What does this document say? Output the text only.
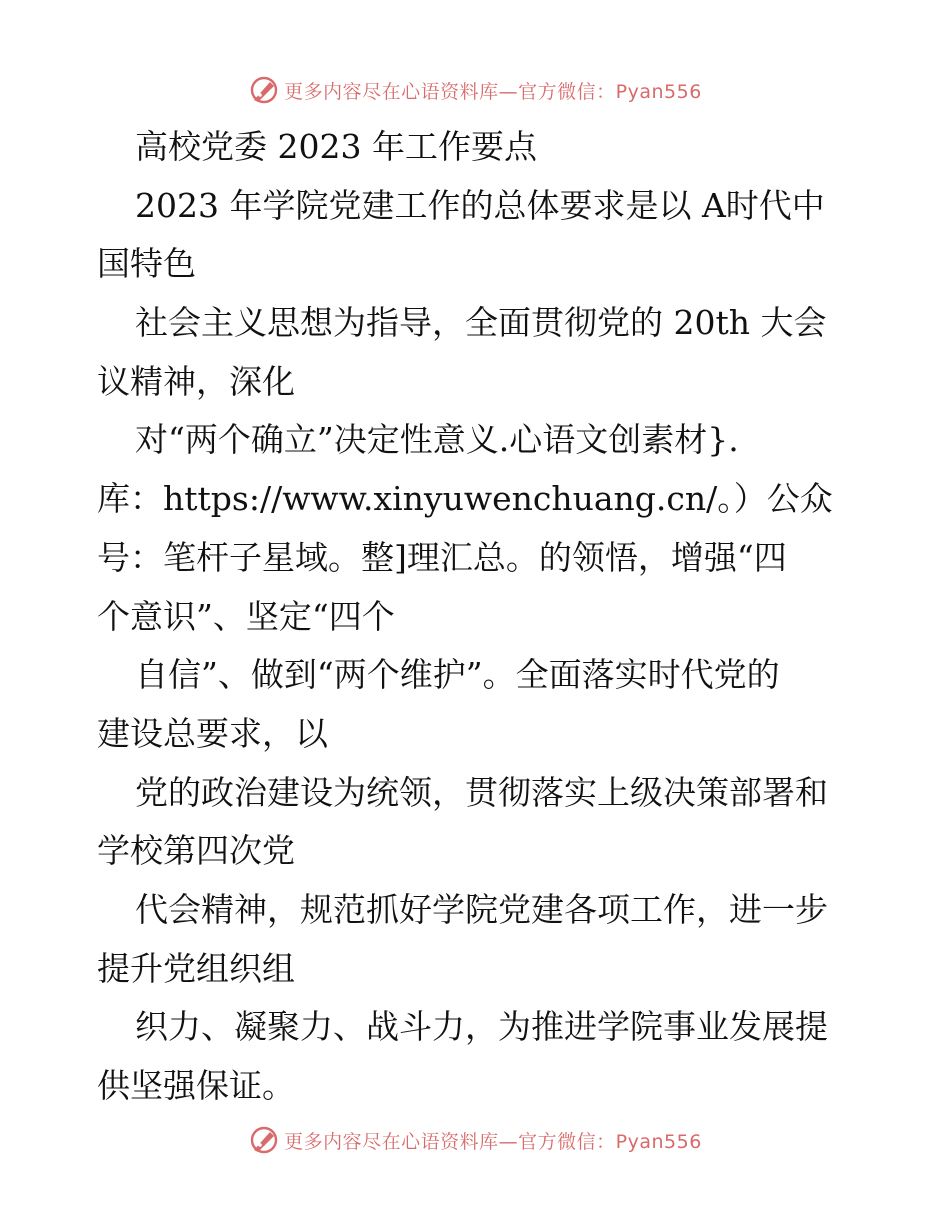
更多内容尽在心语资料库—官方微信：Pyan556
高校党委 2023 年工作要点
2023 年学院党建工作的总体要求是以 A时代中
国特色
社会主义思想为指导，全面贯彻党的 20th 大会
议精神，深化
对“两个确立”决定性意义.心语文创素材}.
库：https://www.xinyuwenchuang.cn/。）公众
号：笔杆子星域。整]理汇总。的领悟，增强“四
个意识”、坚定“四个
自信”、做到“两个维护”。全面落实时代党的
建设总要求，以
党的政治建设为统领，贯彻落实上级决策部署和
学校第四次党
代会精神，规范抓好学院党建各项工作，进一步
提升党组织组
织力、凝聚力、战斗力，为推进学院事业发展提
供坚强保证。
更多内容尽在心语资料库—官方微信：Pyan556
